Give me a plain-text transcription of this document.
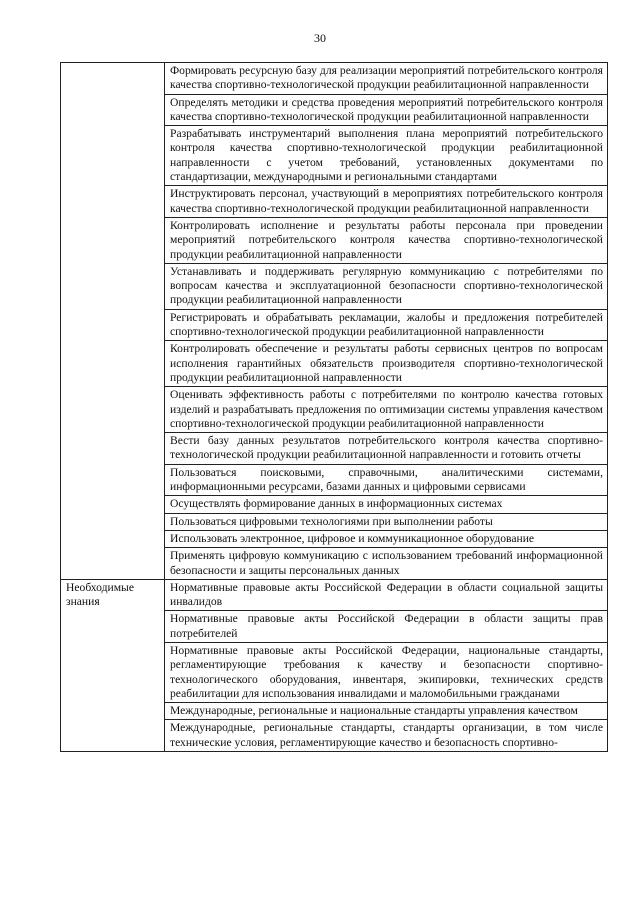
30
	Формировать ресурсную базу для реализации мероприятий потребительского контроля качества спортивно-технологической продукции реабилитационной направленности
	Определять методики и средства проведения мероприятий потребительского контроля качества спортивно-технологической продукции реабилитационной направленности
	Разрабатывать инструментарий выполнения плана мероприятий потребительского контроля качества спортивно-технологической продукции реабилитационной направленности с учетом требований, установленных документами по стандартизации, международными и региональными стандартами
	Инструктировать персонал, участвующий в мероприятиях потребительского контроля качества спортивно-технологической продукции реабилитационной направленности
	Контролировать исполнение и результаты работы персонала при проведении мероприятий потребительского контроля качества спортивно-технологической продукции реабилитационной направленности
	Устанавливать и поддерживать регулярную коммуникацию с потребителями по вопросам качества и эксплуатационной безопасности спортивно-технологической продукции реабилитационной направленности
	Регистрировать и обрабатывать рекламации, жалобы и предложения потребителей спортивно-технологической продукции реабилитационной направленности
	Контролировать обеспечение и результаты работы сервисных центров по вопросам исполнения гарантийных обязательств производителя спортивно-технологической продукции реабилитационной направленности
	Оценивать эффективность работы с потребителями по контролю качества готовых изделий и разрабатывать предложения по оптимизации системы управления качеством спортивно-технологической продукции реабилитационной направленности
	Вести базу данных результатов потребительского контроля качества спортивно-технологической продукции реабилитационной направленности и готовить отчеты
	Пользоваться поисковыми, справочными, аналитическими системами, информационными ресурсами, базами данных и цифровыми сервисами
	Осуществлять формирование данных в информационных системах
	Пользоваться цифровыми технологиями при выполнении работы
	Использовать электронное, цифровое и коммуникационное оборудование
	Применять цифровую коммуникацию с использованием требований информационной безопасности и защиты персональных данных
Необходимые знания	Нормативные правовые акты Российской Федерации в области социальной защиты инвалидов
	Нормативные правовые акты Российской Федерации в области защиты прав потребителей
	Нормативные правовые акты Российской Федерации, национальные стандарты, регламентирующие требования к качеству и безопасности спортивно-технологического оборудования, инвентаря, экипировки, технических средств реабилитации для использования инвалидами и маломобильными гражданами
	Международные, региональные и национальные стандарты управления качеством
	Международные, региональные стандарты, стандарты организации, в том числе технические условия, регламентирующие качество и безопасность спортивно-
